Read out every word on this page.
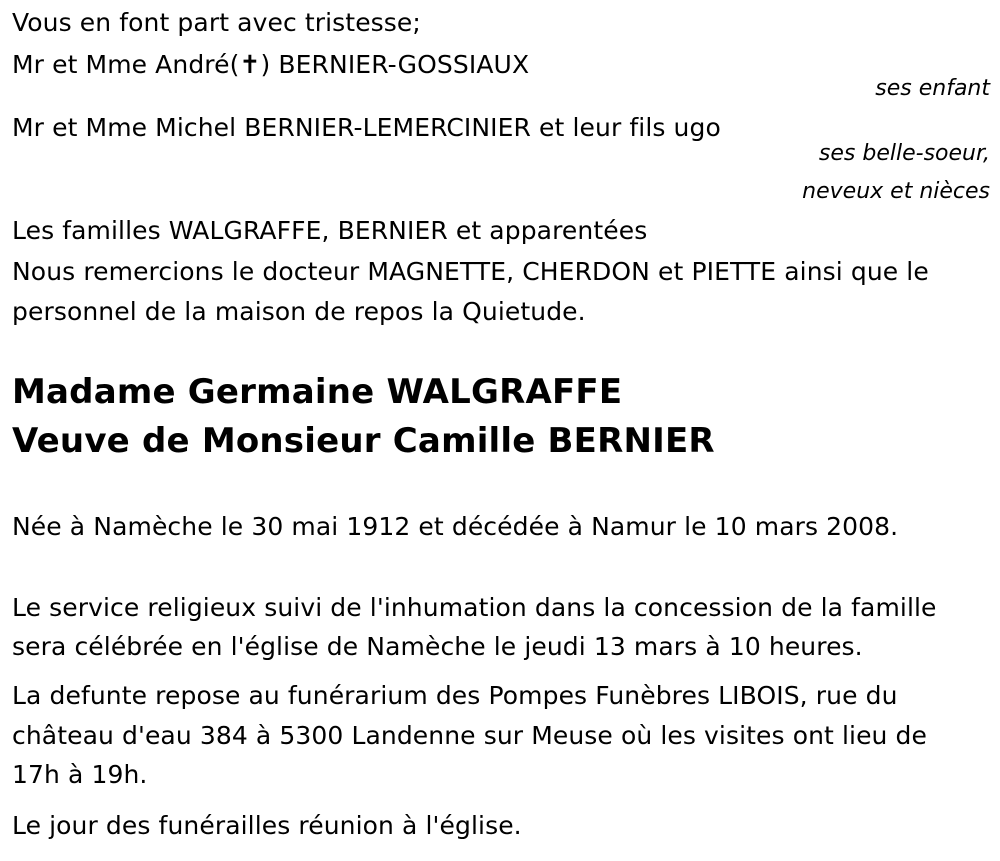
Vous en font part avec tristesse;
Mr et Mme André(✝) BERNIER-GOSSIAUX
ses enfant
Mr et Mme Michel BERNIER-LEMERCINIER et leur fils ugo
ses belle-soeur,
neveux et nièces
Les familles WALGRAFFE, BERNIER et apparentées
Nous remercions le docteur MAGNETTE, CHERDON et PIETTE ainsi que le
personnel de la maison de repos la Quietude.
Madame Germaine WALGRAFFE
Veuve de Monsieur Camille BERNIER
Née à Namèche le 30 mai 1912 et décédée à Namur le 10 mars 2008.
Le service religieux suivi de l'inhumation dans la concession de la famille
sera célébrée en l'église de Namèche le jeudi 13 mars à 10 heures.
La defunte repose au funérarium des Pompes Funèbres LIBOIS, rue du
château d'eau 384 à 5300 Landenne sur Meuse où les visites ont lieu de
17h à 19h.
Le jour des funérailles réunion à l'église.
